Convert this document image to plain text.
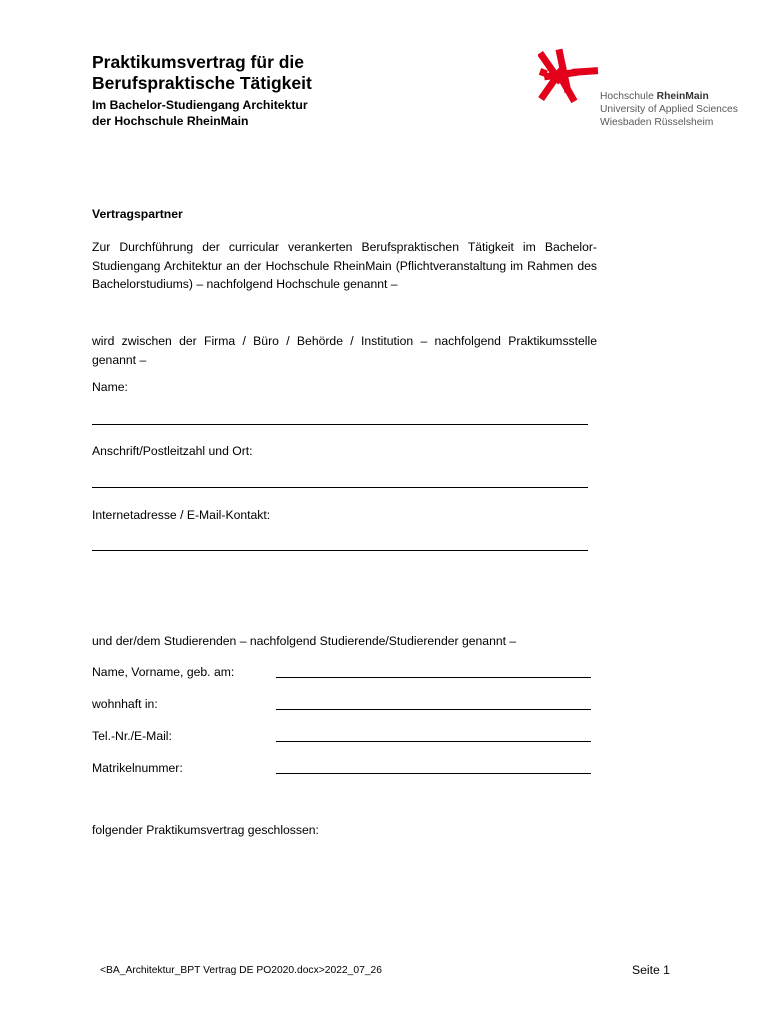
Praktikumsvertrag für die
Berufspraktische Tätigkeit
Im Bachelor-Studiengang Architektur
der Hochschule RheinMain
Hochschule RheinMain
University of Applied Sciences
Wiesbaden Rüsselsheim
Vertragspartner
Zur Durchführung der curricular verankerten Berufspraktischen Tätigkeit im Bachelor-Studiengang Architektur an der Hochschule RheinMain (Pflichtveranstaltung im Rahmen des Bachelorstudiums) – nachfolgend Hochschule genannt –
wird zwischen der Firma / Büro / Behörde / Institution – nachfolgend Praktikumsstelle genannt –
Name:
Anschrift/Postleitzahl und Ort:
Internetadresse / E-Mail-Kontakt:
und der/dem Studierenden – nachfolgend Studierende/Studierender genannt –
Name, Vorname, geb. am:
wohnhaft in:
Tel.-Nr./E-Mail:
Matrikelnummer:
folgender Praktikumsvertrag geschlossen:
<BA_Architektur_BPT Vertrag DE PO2020.docx>2022_07_26	Seite 1
